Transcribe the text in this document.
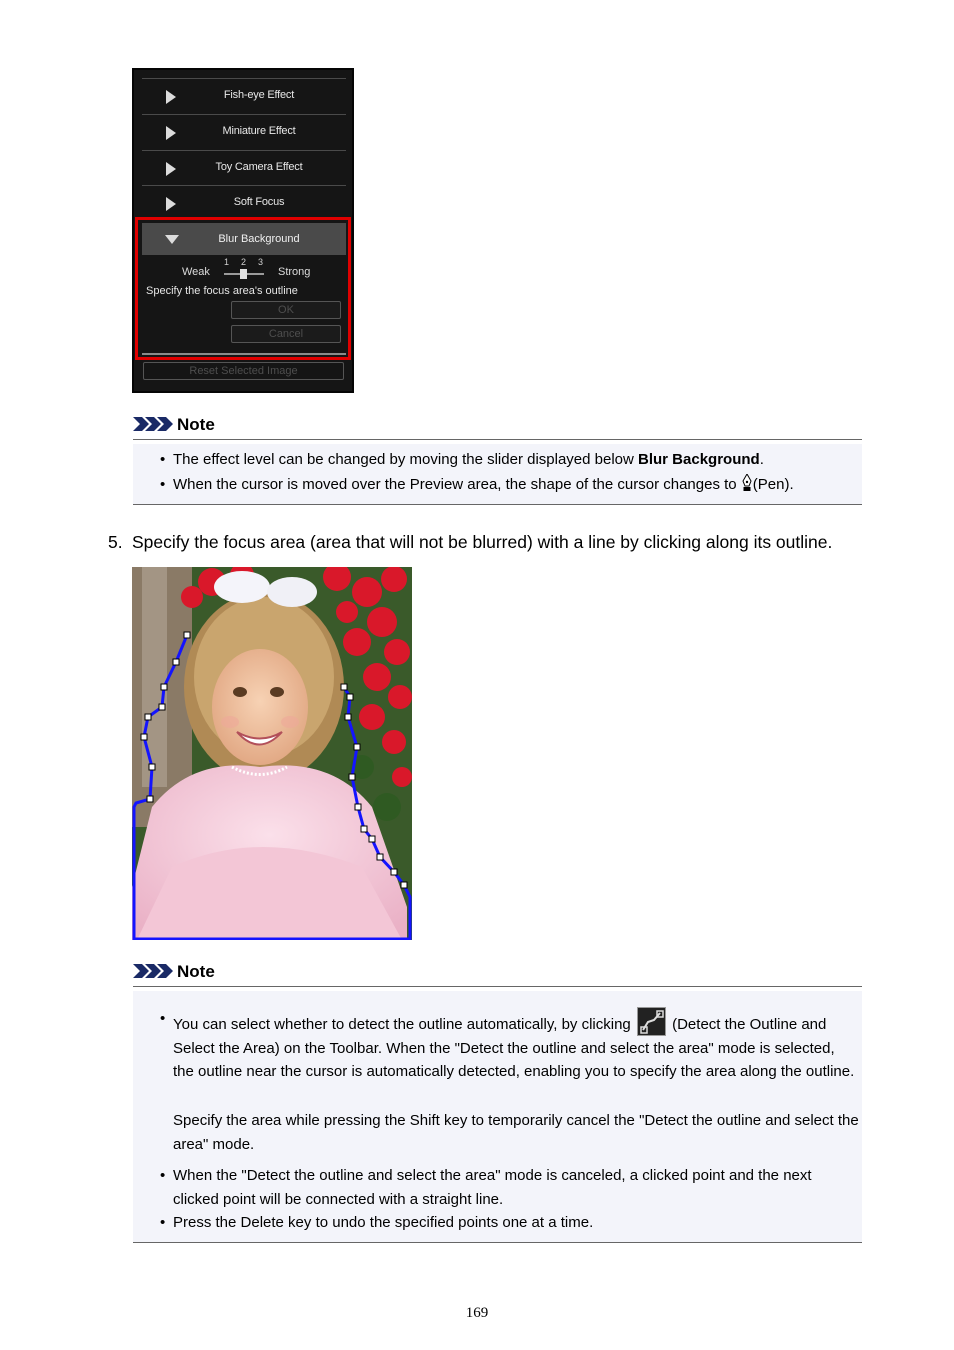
Fish-eye Effect
Miniature Effect
Toy Camera Effect
Soft Focus
Blur Background
Weak
1 2 3
Strong
Specify the focus area's outline
OK
Cancel
Reset Selected Image
Note
• The effect level can be changed by moving the slider displayed below Blur Background.
• When the cursor is moved over the Preview area, the shape of the cursor changes to (Pen).
5. Specify the focus area (area that will not be blurred) with a line by clicking along its outline.
Note
• You can select whether to detect the outline automatically, by clicking
(Detect the Outline and Select the Area) on the Toolbar. When the "Detect the outline and select the area" mode is selected, the outline near the cursor is automatically detected, enabling you to specify the area along the outline.
Specify the area while pressing the Shift key to temporarily cancel the "Detect the outline and select the area" mode.
• When the "Detect the outline and select the area" mode is canceled, a clicked point and the next clicked point will be connected with a straight line.
• Press the Delete key to undo the specified points one at a time.
169
